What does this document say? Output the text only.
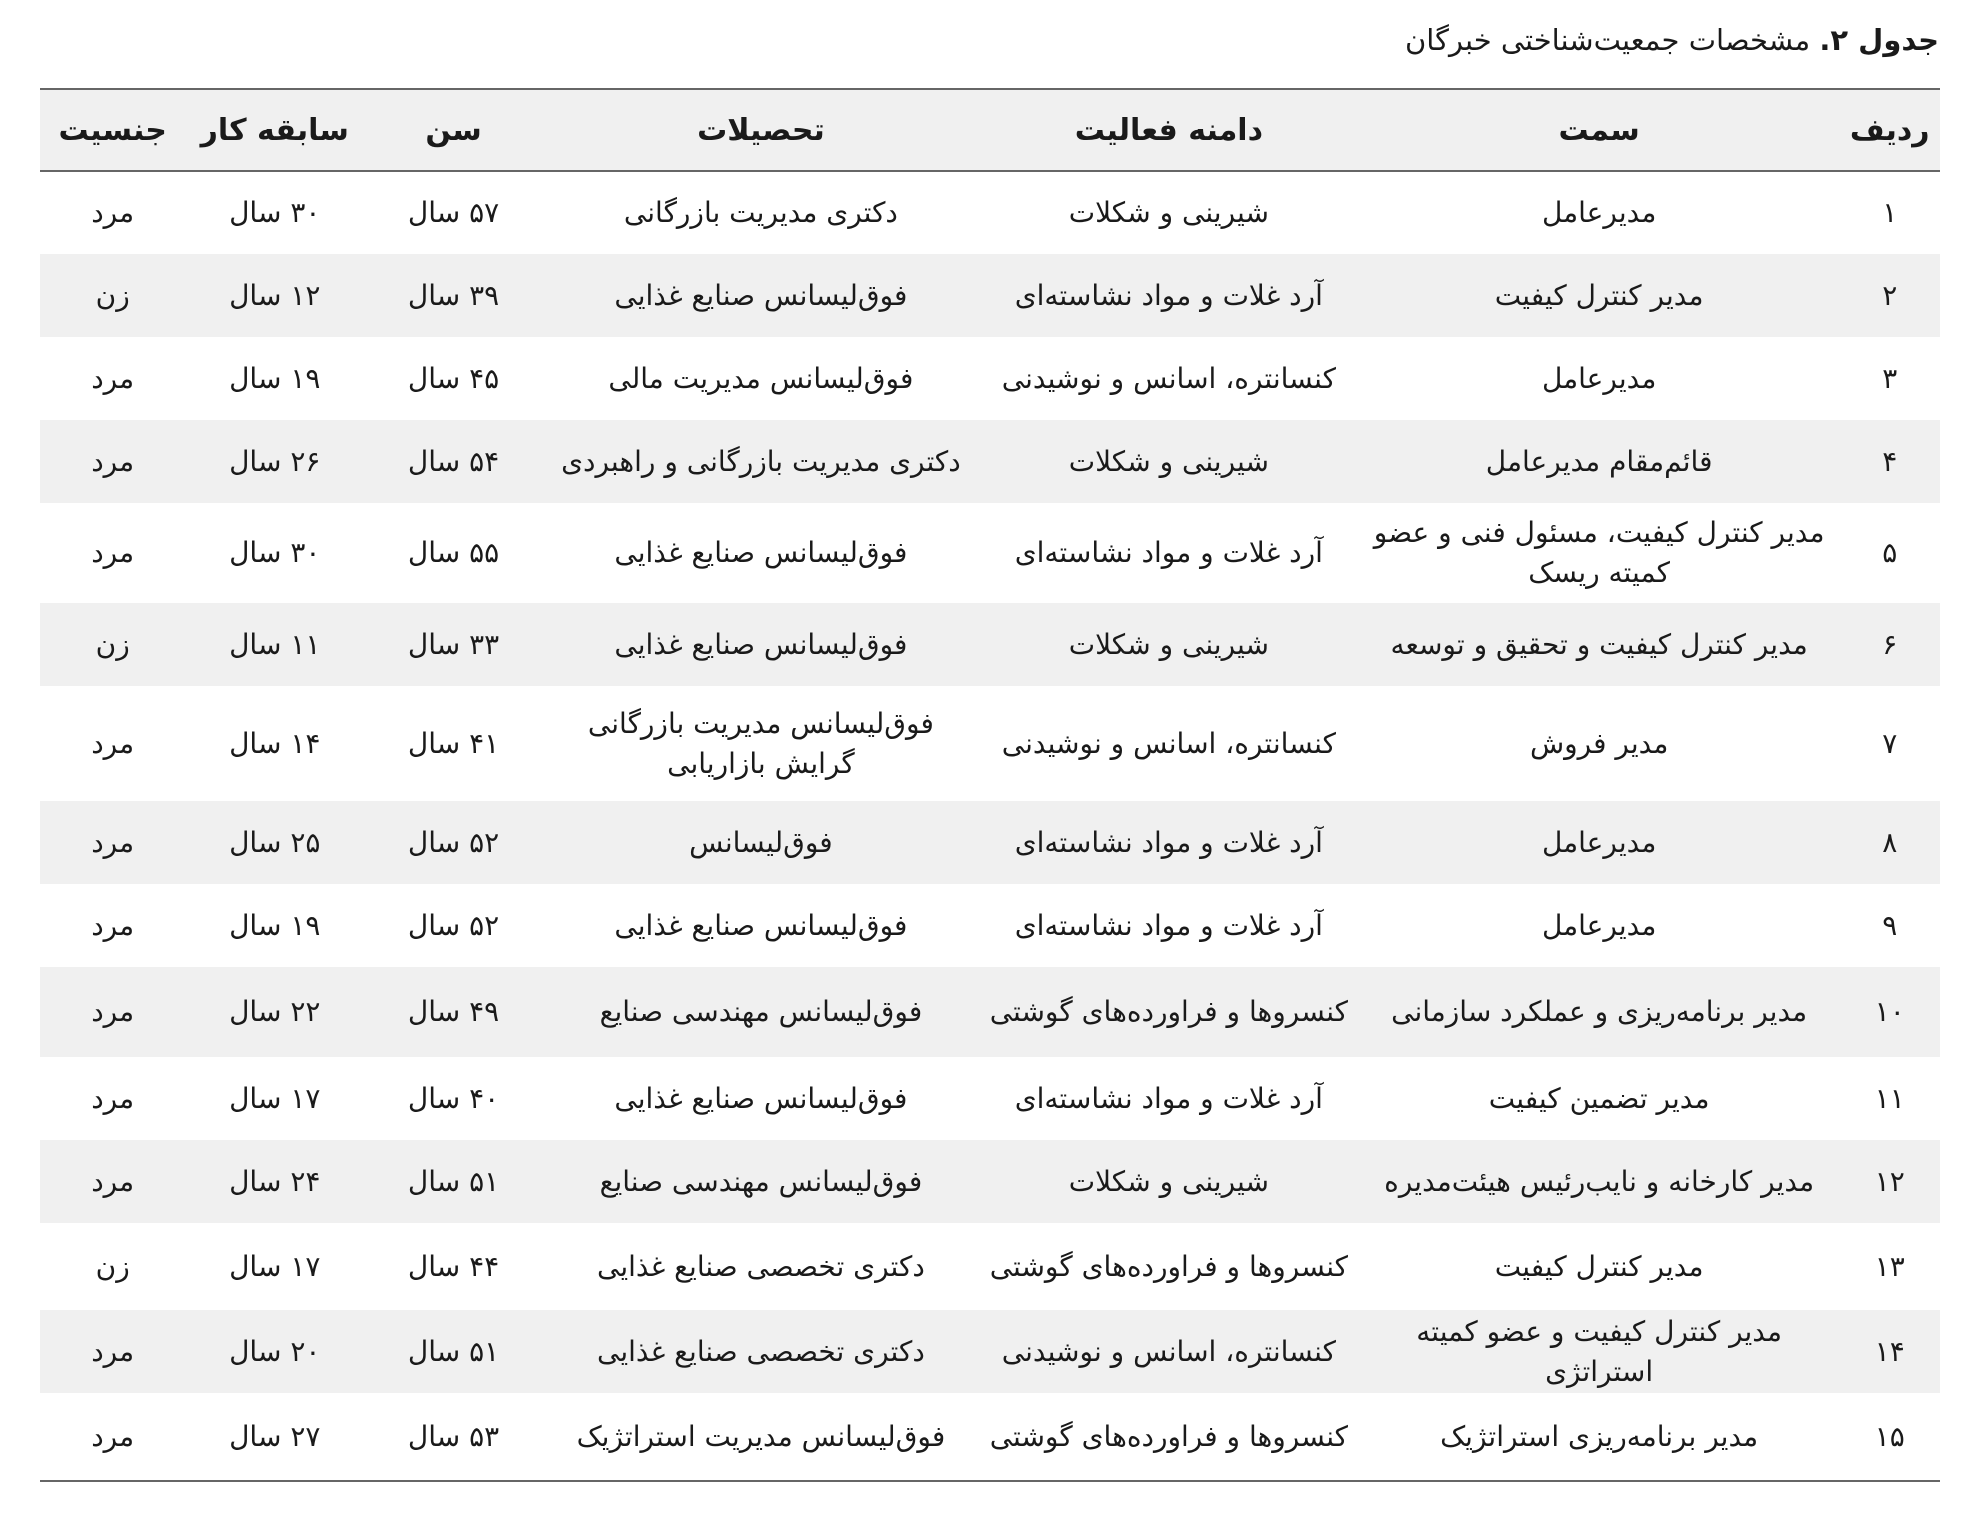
جدول ۲. مشخصات جمعیت‌شناختی خبرگان
ردیف	سمت	دامنه فعالیت	تحصیلات	سن	سابقه کار	جنسیت
۱	مدیرعامل	شیرینی و شکلات	دکتری مدیریت بازرگانی	۵۷ سال	۳۰ سال	مرد
۲	مدیر کنترل کیفیت	آرد غلات و مواد نشاسته‌ای	فوق‌لیسانس صنایع غذایی	۳۹ سال	۱۲ سال	زن
۳	مدیرعامل	کنسانتره، اسانس و نوشیدنی	فوق‌لیسانس مدیریت مالی	۴۵ سال	۱۹ سال	مرد
۴	قائم‌مقام مدیرعامل	شیرینی و شکلات	دکتری مدیریت بازرگانی و راهبردی	۵۴ سال	۲۶ سال	مرد
۵	مدیر کنترل کیفیت، مسئول فنی و عضو کمیته ریسک	آرد غلات و مواد نشاسته‌ای	فوق‌لیسانس صنایع غذایی	۵۵ سال	۳۰ سال	مرد
۶	مدیر کنترل کیفیت و تحقیق و توسعه	شیرینی و شکلات	فوق‌لیسانس صنایع غذایی	۳۳ سال	۱۱ سال	زن
۷	مدیر فروش	کنسانتره، اسانس و نوشیدنی	فوق‌لیسانس مدیریت بازرگانی گرایش بازاریابی	۴۱ سال	۱۴ سال	مرد
۸	مدیرعامل	آرد غلات و مواد نشاسته‌ای	فوق‌لیسانس	۵۲ سال	۲۵ سال	مرد
۹	مدیرعامل	آرد غلات و مواد نشاسته‌ای	فوق‌لیسانس صنایع غذایی	۵۲ سال	۱۹ سال	مرد
۱۰	مدیر برنامه‌ریزی و عملکرد سازمانی	کنسروها و فراورده‌های گوشتی	فوق‌لیسانس مهندسی صنایع	۴۹ سال	۲۲ سال	مرد
۱۱	مدیر تضمین کیفیت	آرد غلات و مواد نشاسته‌ای	فوق‌لیسانس صنایع غذایی	۴۰ سال	۱۷ سال	مرد
۱۲	مدیر کارخانه و نایب‌رئیس هیئت‌مدیره	شیرینی و شکلات	فوق‌لیسانس مهندسی صنایع	۵۱ سال	۲۴ سال	مرد
۱۳	مدیر کنترل کیفیت	کنسروها و فراورده‌های گوشتی	دکتری تخصصی صنایع غذایی	۴۴ سال	۱۷ سال	زن
۱۴	مدیر کنترل کیفیت و عضو کمیته استراتژی	کنسانتره، اسانس و نوشیدنی	دکتری تخصصی صنایع غذایی	۵۱ سال	۲۰ سال	مرد
۱۵	مدیر برنامه‌ریزی استراتژیک	کنسروها و فراورده‌های گوشتی	فوق‌لیسانس مدیریت استراتژیک	۵۳ سال	۲۷ سال	مرد
